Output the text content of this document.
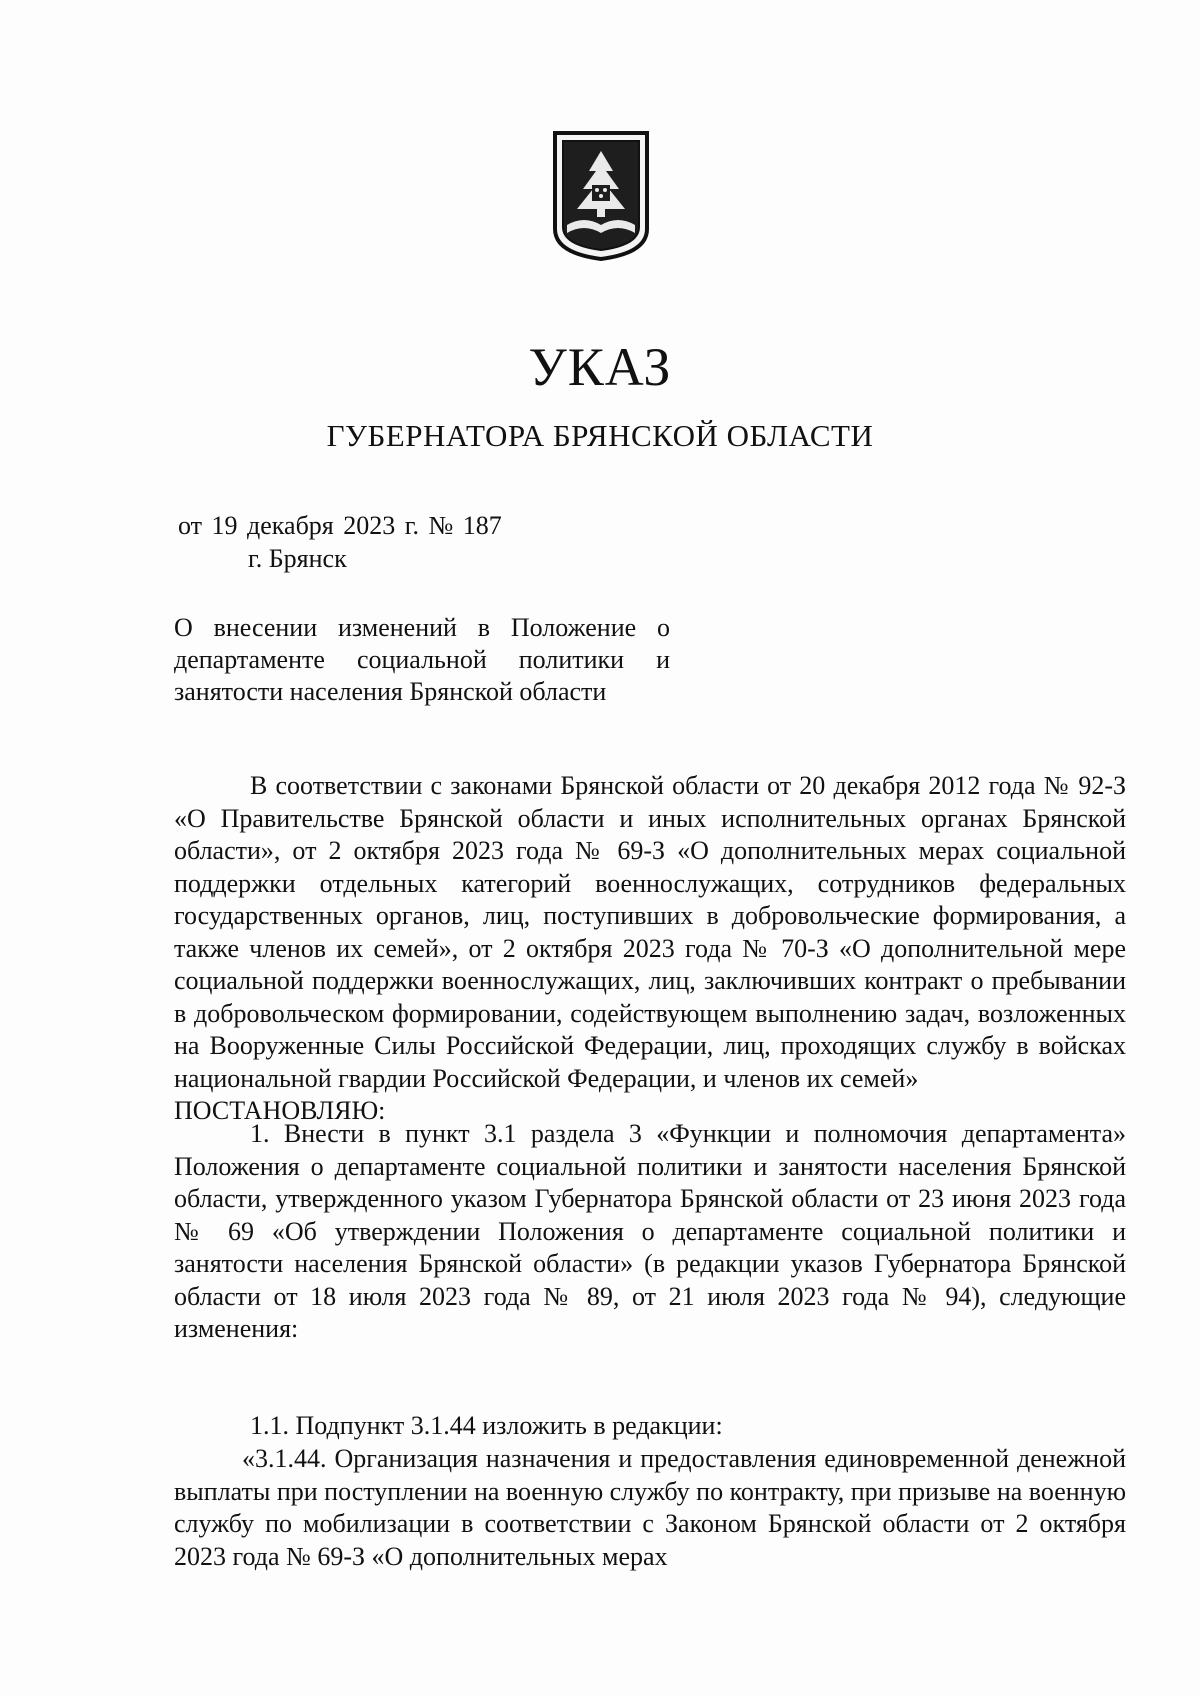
УКАЗ
ГУБЕРНАТОРА БРЯНСКОЙ ОБЛАСТИ
от 19 декабря 2023 г. № 187
г. Брянск

О внесении изменений в Положение о департаменте социальной политики и занятости населения Брянской области

В соответствии с законами Брянской области от 20 декабря 2012 года № 92-З «О Правительстве Брянской области и иных исполнительных органах Брянской области», от 2 октября 2023 года № 69-З «О дополнительных мерах социальной поддержки отдельных категорий военнослужащих, сотрудников федеральных государственных органов, лиц, поступивших в добровольческие формирования, а также членов их семей», от 2 октября 2023 года № 70-З «О дополнительной мере социальной поддержки военнослужащих, лиц, заключивших контракт о пребывании в добровольческом формировании, содействующем выполнению задач, возложенных на Вооруженные Силы Российской Федерации, лиц, проходящих службу в войсках национальной гвардии Российской Федерации, и членов их семей»
ПОСТАНОВЛЯЮ:

1. Внести в пункт 3.1 раздела 3 «Функции и полномочия департамента» Положения о департаменте социальной политики и занятости населения Брянской области, утвержденного указом Губернатора Брянской области от 23 июня 2023 года № 69 «Об утверждении Положения о департаменте социальной политики и занятости населения Брянской области» (в редакции указов Губернатора Брянской области от 18 июля 2023 года № 89, от 21 июля 2023 года № 94), следующие изменения:

1.1. Подпункт 3.1.44 изложить в редакции:

«3.1.44. Организация назначения и предоставления единовременной денежной выплаты при поступлении на военную службу по контракту, при призыве на военную службу по мобилизации в соответствии с Законом Брянской области от 2 октября 2023 года № 69-З «О дополнительных мерах
